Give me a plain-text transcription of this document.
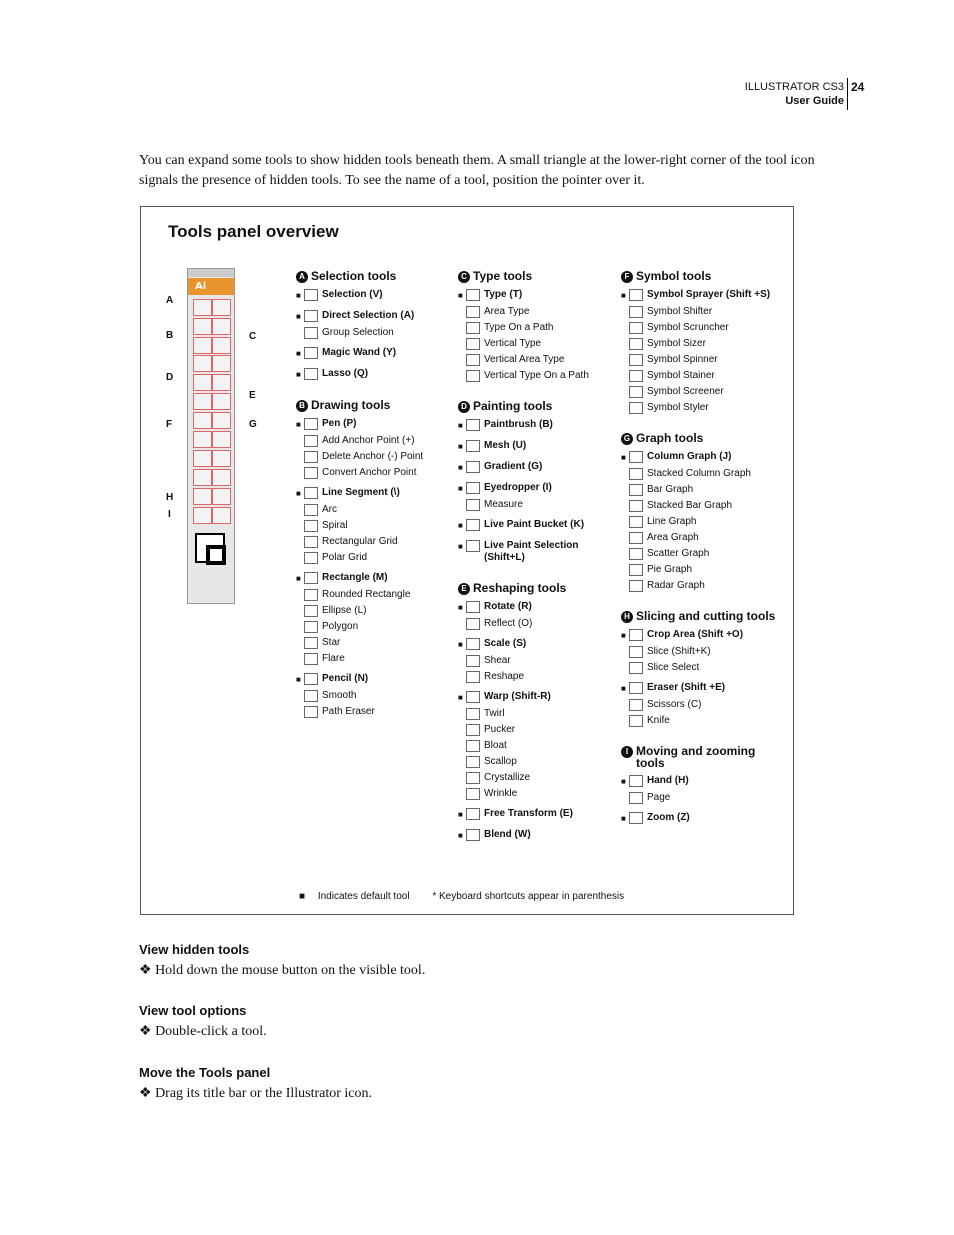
ILLUSTRATOR CS3
User Guide
24
You can expand some tools to show hidden tools beneath them. A small triangle at the lower-right corner of the tool icon signals the presence of hidden tools. To see the name of a tool, position the pointer over it.
Tools panel overview
Ai
A
B	C
D
E
F	G
H
I
A Selection tools
■	Selection (V)
■	Direct Selection (A)
Group Selection
■	Magic Wand (Y)
■	Lasso (Q)
B Drawing tools
■	Pen (P)
Add Anchor Point (+)
Delete Anchor (-) Point
Convert Anchor Point
■	Line Segment (\)
Arc
Spiral
Rectangular Grid
Polar Grid
■	Rectangle (M)
Rounded Rectangle
Ellipse (L)
Polygon
Star
Flare
■	Pencil (N)
Smooth
Path Eraser
C Type tools
■	Type (T)
Area Type
Type On a Path
Vertical Type
Vertical Area Type
Vertical Type On a Path
D Painting tools
■	Paintbrush (B)
■	Mesh (U)
■	Gradient (G)
■	Eyedropper (I)
Measure
■	Live Paint Bucket (K)
■	Live Paint Selection (Shift+L)
E Reshaping tools
■	Rotate (R)
Reflect (O)
■	Scale (S)
Shear
Reshape
■	Warp (Shift-R)
Twirl
Pucker
Bloat
Scallop
Crystallize
Wrinkle
■	Free Transform (E)
■	Blend (W)
F Symbol tools
■	Symbol Sprayer (Shift +S)
Symbol Shifter
Symbol Scruncher
Symbol Sizer
Symbol Spinner
Symbol Stainer
Symbol Screener
Symbol Styler
G Graph tools
■	Column Graph (J)
Stacked Column Graph
Bar Graph
Stacked Bar Graph
Line Graph
Area Graph
Scatter Graph
Pie Graph
Radar Graph
H Slicing and cutting tools
■	Crop Area (Shift +O)
Slice (Shift+K)
Slice Select
■	Eraser (Shift +E)
Scissors (C)
Knife
I Moving and zooming tools
■	Hand (H)
Page
■	Zoom (Z)
■ Indicates default tool * Keyboard shortcuts appear in parenthesis
View hidden tools
❖ Hold down the mouse button on the visible tool.
View tool options
❖ Double-click a tool.
Move the Tools panel
❖ Drag its title bar or the Illustrator icon.
